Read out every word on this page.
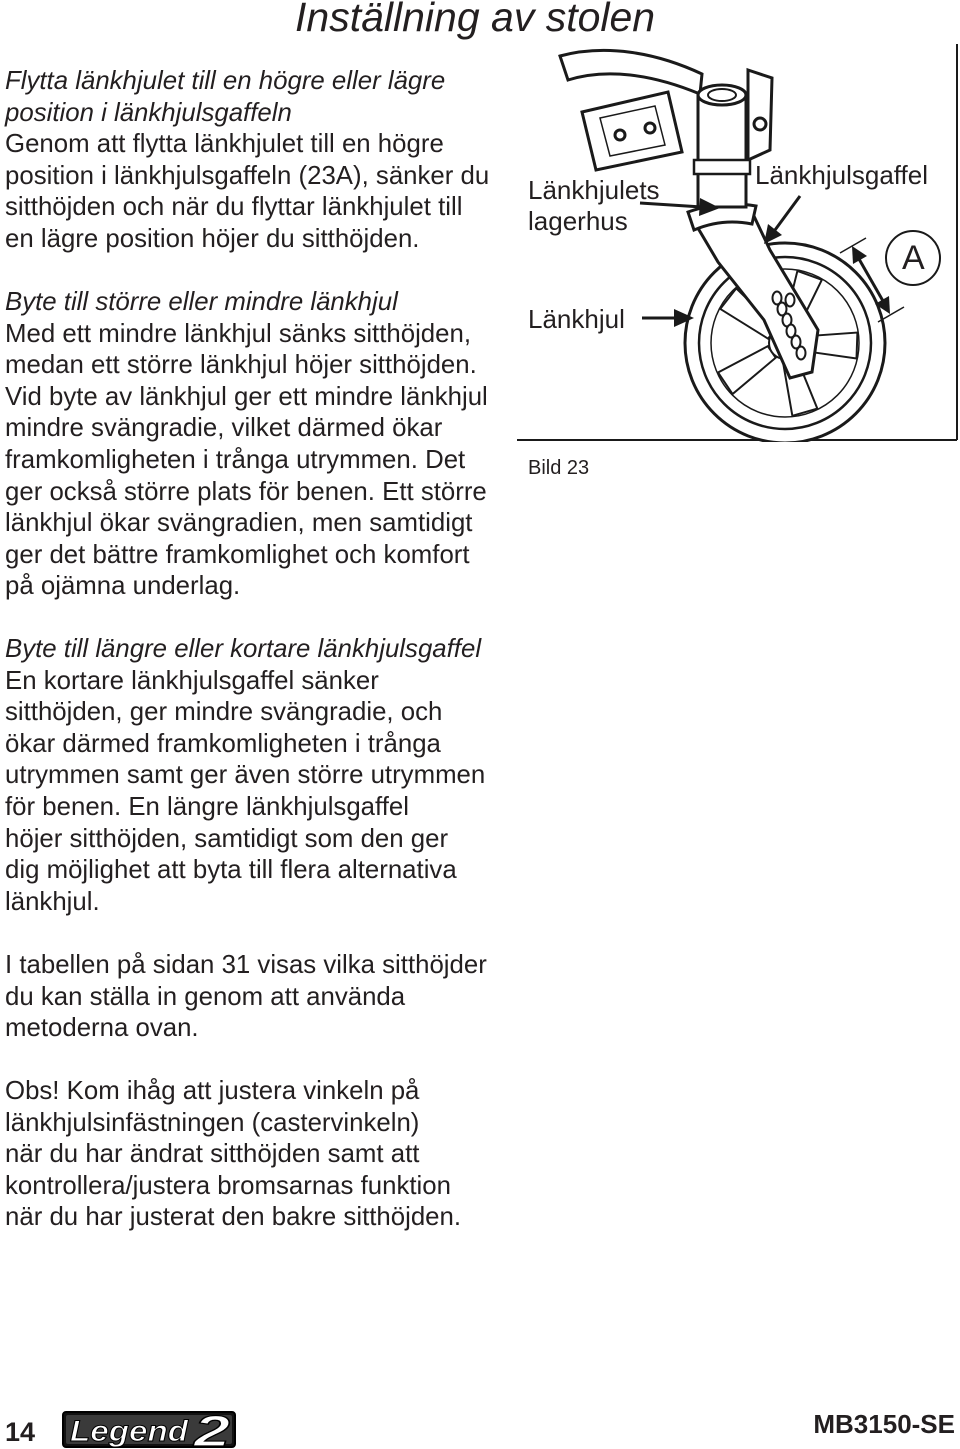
Inställning av stolen
Flytta länkhjulet till en högre eller lägre
position i länkhjulsgaffeln
Genom att flytta länkhjulet till en högre
position i länkhjulsgaffeln (23A), sänker du
sitthöjden och när du flyttar länkhjulet till
en lägre position höjer du sitthöjden.
Byte till större eller mindre länkhjul
Med ett mindre länkhjul sänks sitthöjden,
medan ett större länkhjul höjer sitthöjden.
Vid byte av länkhjul ger ett mindre länkhjul
mindre svängradie, vilket därmed ökar
framkomligheten i trånga utrymmen. Det
ger också större plats för benen. Ett större
länkhjul ökar svängradien, men samtidigt
ger det bättre framkomlighet och komfort
på ojämna underlag.
Byte till längre eller kortare länkhjulsgaffel
En kortare länkhjulsgaffel sänker
sitthöjden, ger mindre svängradie, och
ökar därmed framkomligheten i trånga
utrymmen samt ger även större utrymmen
för benen. En längre länkhjulsgaffel
höjer sitthöjden, samtidigt som den ger
dig möjlighet att byta till flera alternativa
länkhjul.
I tabellen på sidan 31 visas vilka sitthöjder
du kan ställa in genom att använda
metoderna ovan.
Obs! Kom ihåg att justera vinkeln på
länkhjulsinfästningen (castervinkeln)
när du har ändrat sitthöjden samt att
kontrollera/justera bromsarnas funktion
när du har justerat den bakre sitthöjden.
Länkhjulets
lagerhus
Länkhjulsgaffel
Länkhjul
A
Bild 23
14 Legend 2	MB3150-SE
